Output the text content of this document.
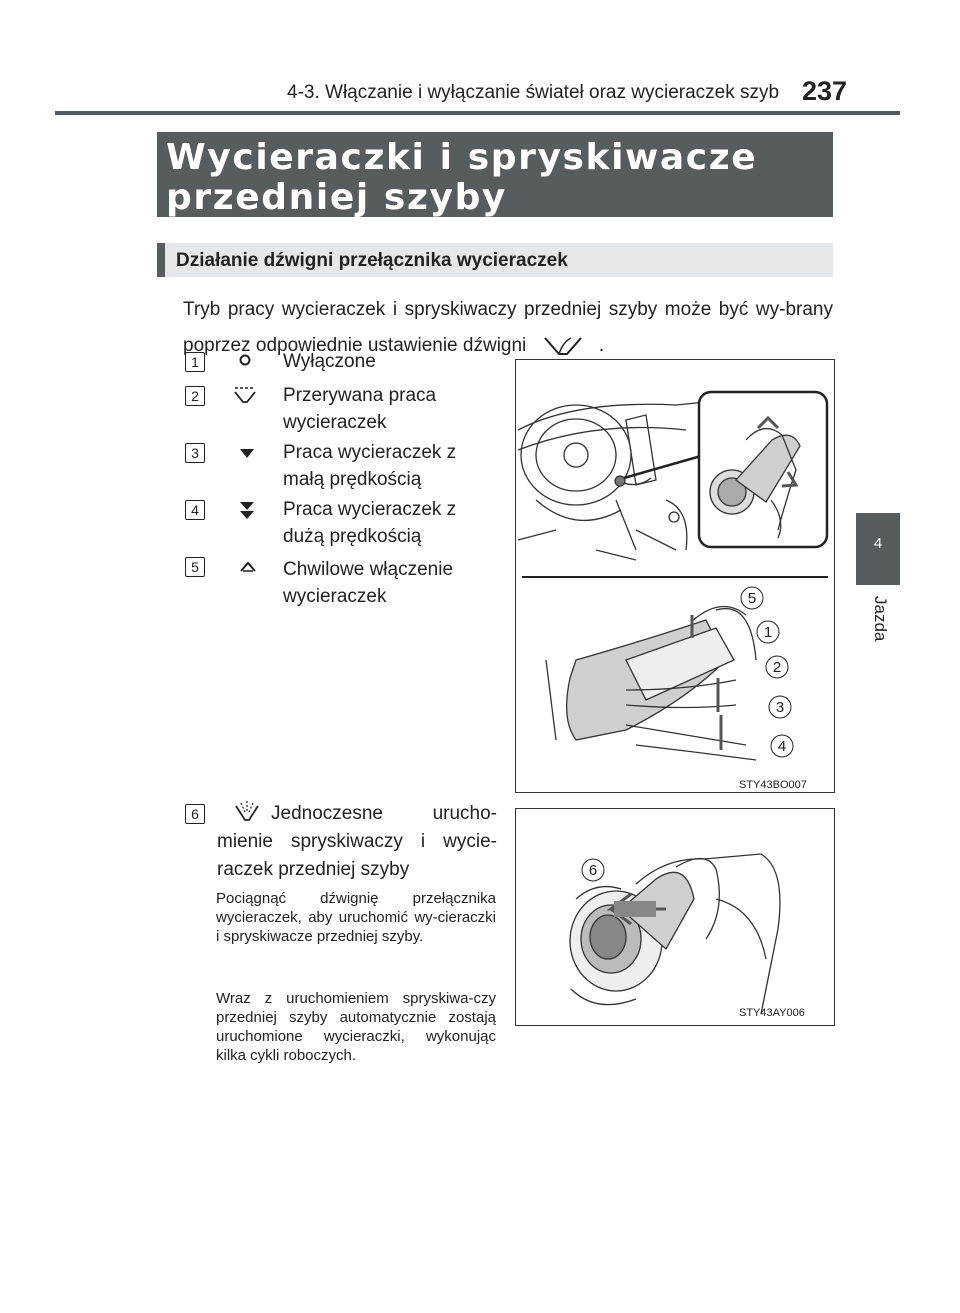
4-3. Włączanie i wyłączanie świateł oraz wycieraczek szyb 237
Wycieraczki i spryskiwacze przedniej szyby
Działanie dźwigni przełącznika wycieraczek
Tryb pracy wycieraczek i spryskiwaczy przedniej szyby może być wy-brany poprzez odpowiednie ustawienie dźwigni	.
4
Jazda
1	Wyłączone
2	Przerywana praca wycieraczek
3	Praca wycieraczek z małą prędkością
4	Praca wycieraczek z dużą prędkością
5	Chwilowe włączenie wycieraczek	5
1
2
3
4
STY43BO007
6	Jednoczesne urucho-mienie spryskiwaczy i wycie-raczek przedniej szyby
Pociągnąć dźwignię przełącznika wycieraczek, aby uruchomić wy-cieraczki i spryskiwacze przedniej szyby.
Wraz z uruchomieniem spryskiwa-czy przedniej szyby automatycznie zostają uruchomione wycieraczki, wykonując kilka cykli roboczych.
6
STY43AY006
